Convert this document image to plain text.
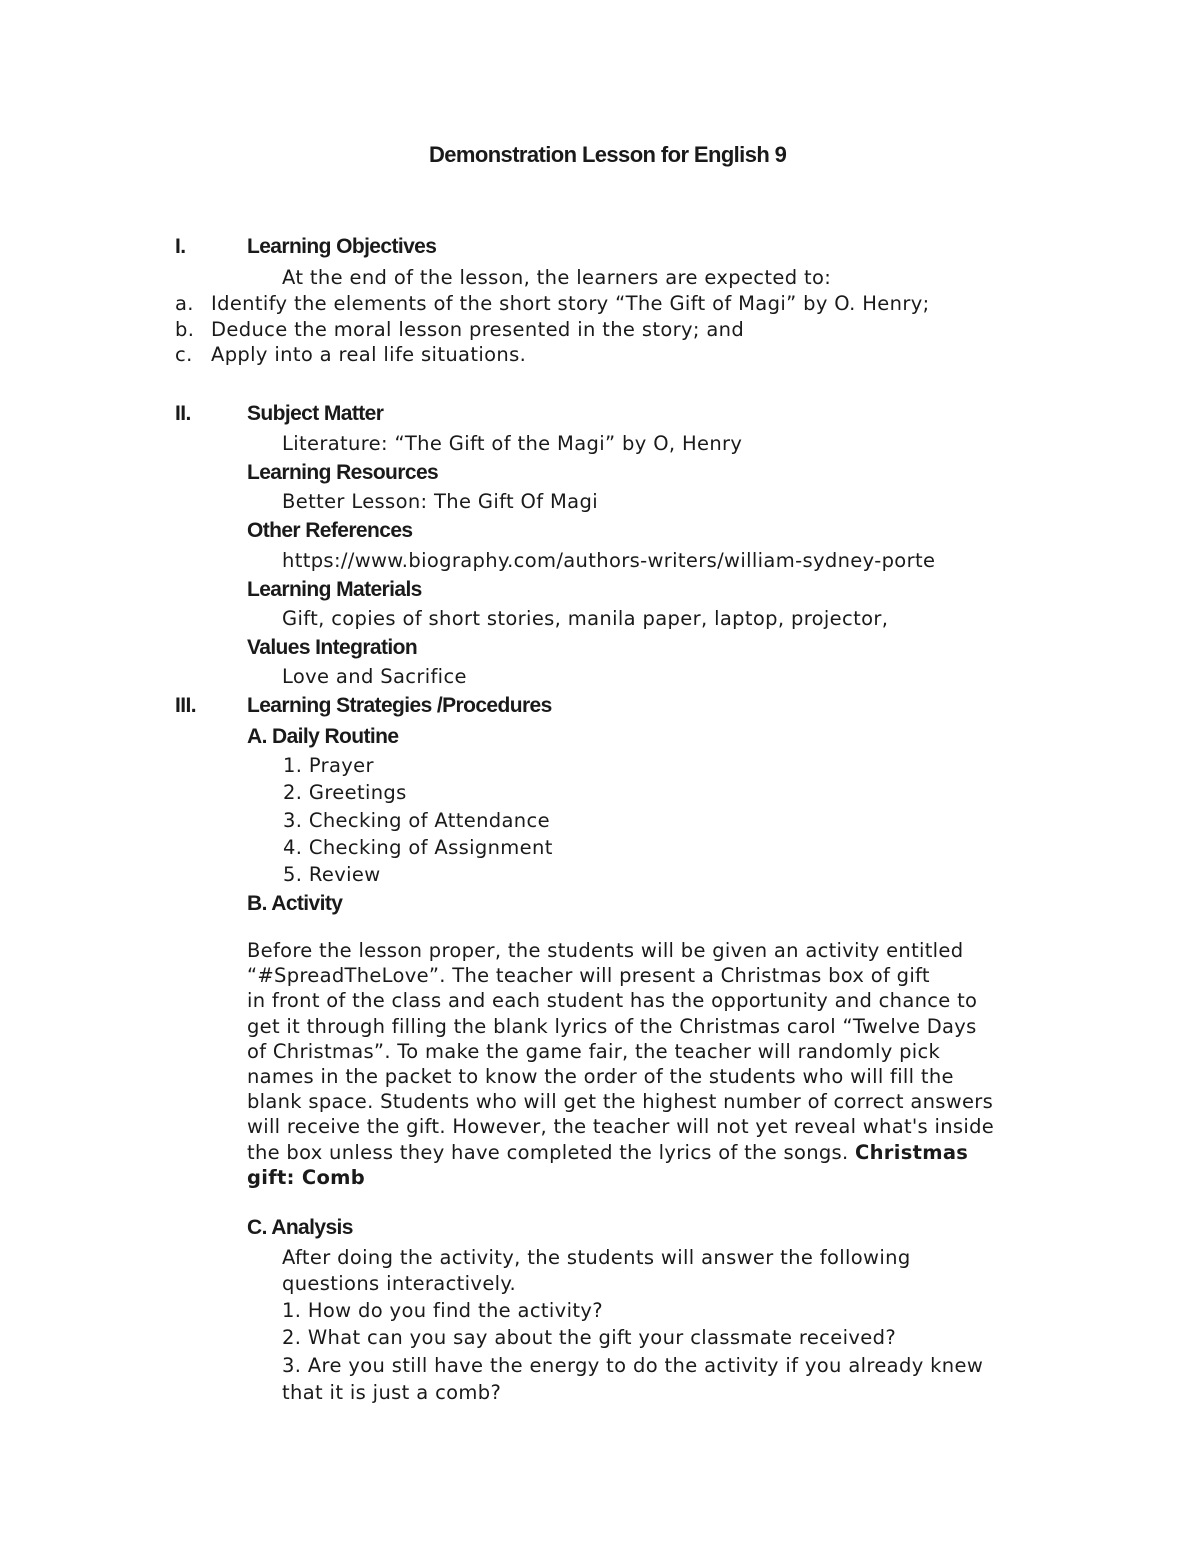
Demonstration Lesson for English 9
I.	Learning Objectives
At the end of the lesson, the learners are expected to:
a. Identify the elements of the short story “The Gift of Magi” by O. Henry;
b. Deduce the moral lesson presented in the story; and
c. Apply into a real life situations.
II.	Subject Matter
Literature: “The Gift of the Magi” by O, Henry
Learning Resources
Better Lesson: The Gift Of Magi
Other References
https://www.biography.com/authors-writers/william-sydney-porte
Learning Materials
Gift, copies of short stories, manila paper, laptop, projector,
Values Integration
Love and Sacrifice
III. Learning Strategies /Procedures
A. Daily Routine
1. Prayer
2. Greetings
3. Checking of Attendance
4. Checking of Assignment
5. Review
B. Activity
Before the lesson proper, the students will be given an activity entitled
“#SpreadTheLove”. The teacher will present a Christmas box of gift
in front of the class and each student has the opportunity and chance to
get it through filling the blank lyrics of the Christmas carol “Twelve Days
of Christmas”. To make the game fair, the teacher will randomly pick
names in the packet to know the order of the students who will fill the
blank space. Students who will get the highest number of correct answers
will receive the gift. However, the teacher will not yet reveal what's inside
the box unless they have completed the lyrics of the songs. Christmas
gift: Comb
C. Analysis
After doing the activity, the students will answer the following
questions interactively.
1. How do you find the activity?
2. What can you say about the gift your classmate received?
3. Are you still have the energy to do the activity if you already knew
that it is just a comb?
